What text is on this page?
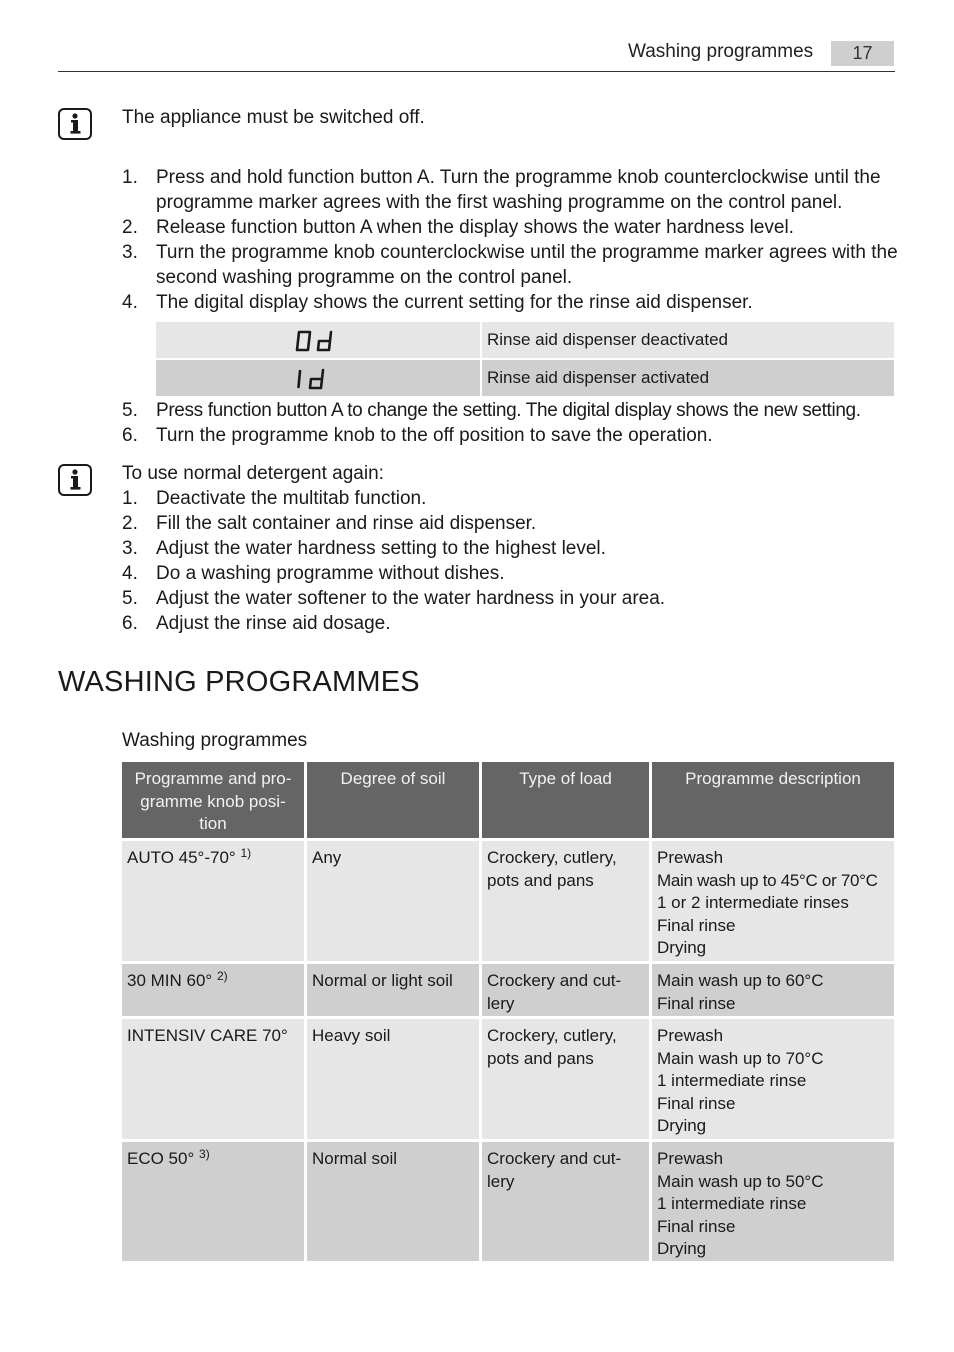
Washing programmes	17
The appliance must be switched off.
1. Press and hold function button A. Turn the programme knob counterclockwise until the programme marker agrees with the first washing programme on the control panel.
2. Release function button A when the display shows the water hardness level.
3. Turn the programme knob counterclockwise until the programme marker agrees with the second washing programme on the control panel.
4. The digital display shows the current setting for the rinse aid dispenser.
Rinse aid dispenser deactivated
Rinse aid dispenser activated
5. Press function button A to change the setting. The digital display shows the new setting.
6. Turn the programme knob to the off position to save the operation.
To use normal detergent again:
1. Deactivate the multitab function.
2. Fill the salt container and rinse aid dispenser.
3. Adjust the water hardness setting to the highest level.
4. Do a washing programme without dishes.
5. Adjust the water softener to the water hardness in your area.
6. Adjust the rinse aid dosage.
WASHING PROGRAMMES
Washing programmes
Programme and pro-gramme knob posi-tion	Degree of soil	Type of load	Programme description
AUTO 45°-70° $^{1)}$	Any	Crockery, cutlery, pots and pans	Prewash
Main wash up to 45°C or 70°C
1 or 2 intermediate rinses
Final rinse
Drying

30 MIN 60° $^{2)}$	Normal or light soil	Crockery and cut-lery	Main wash up to 60°C
Final rinse

INTENSIV CARE 70°	Heavy soil	Crockery, cutlery, pots and pans	Prewash
Main wash up to 70°C
1 intermediate rinse
Final rinse
Drying

ECO 50° $^{3)}$	Normal soil	Crockery and cut-lery	Prewash
Main wash up to 50°C
1 intermediate rinse
Final rinse
Drying
